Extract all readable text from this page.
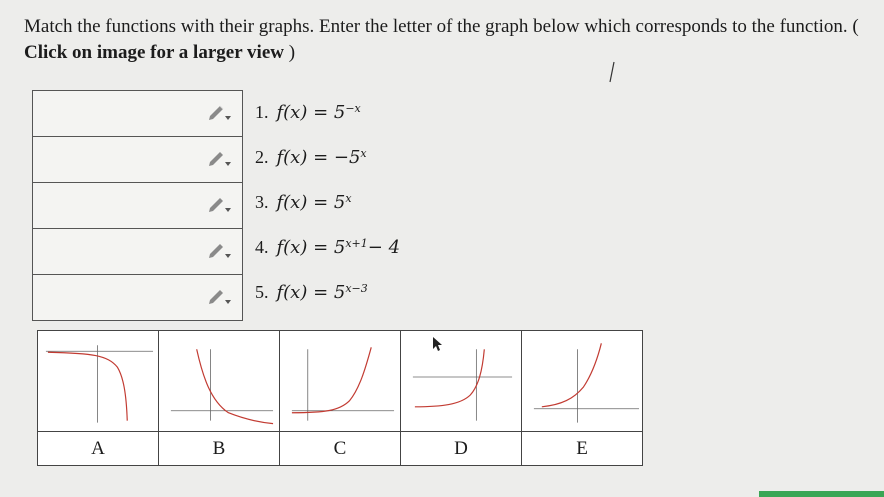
Match the functions with their graphs. Enter the letter of the graph below which corresponds to the function. ( Click on image for a larger view )
1. $f(x) = 5^{-x}$
2. $f(x) = -5^x$
3. $f(x) = 5^x$
4. $f(x) = 5^{x+1} - 4$
5. $f(x) = 5^{x-3}$
A	B	C	D	E
